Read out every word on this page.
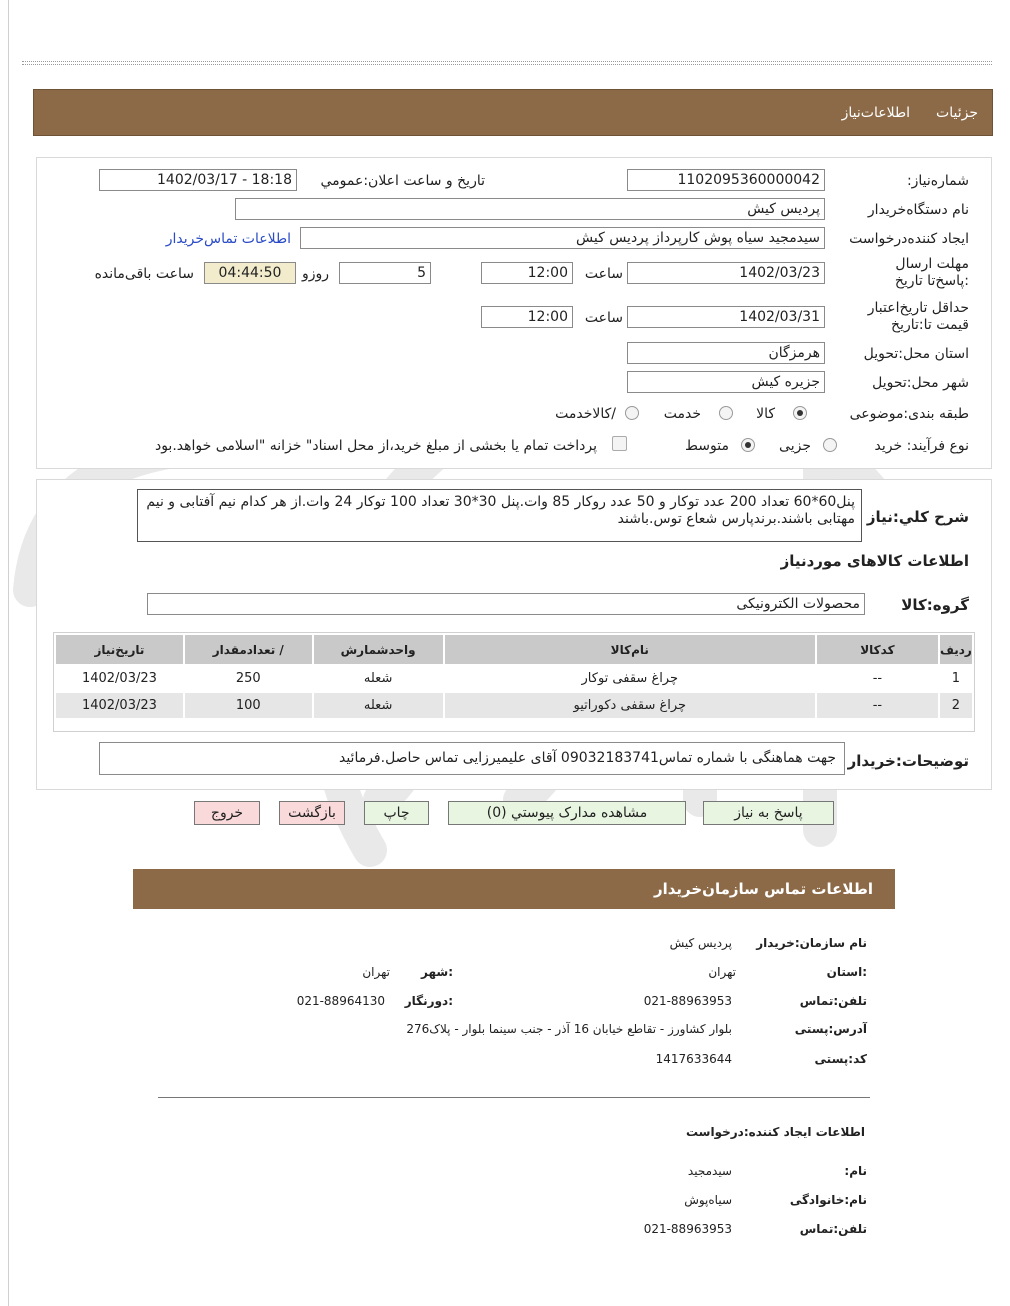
جزئیات
اطلاعات‌نیاز
شماره‌نیاز:
1102095360000042
تاریخ و ساعت اعلان:عمومي
1402/03/17 - 18:18
نام دستگاه‌خریدار
پردیس کیش
ایجاد کننده‌درخواست
سیدمجید سیاه پوش کارپرداز پردیس کیش
اطلاعات تماس‌خریدار
مهلت ارسال :پاسخ‌تا تاریخ
1402/03/23
ساعت
12:00
5
روزو
04:44:50
ساعت باقی‌مانده
حداقل تاریخ‌اعتبار قیمت تا:تاریخ
1402/03/31
ساعت
12:00
استان محل:تحویل
هرمزگان
شهر محل:تحویل
جزیره کیش
طبقه بندی:موضوعی
کالا
خدمت
/کالاخدمت
نوع فرآیند: خرید
جزیی
متوسط
پرداخت تمام یا بخشی از مبلغ خرید،از محل اسناد" خزانه "اسلامی خواهد.بود
شرح کلي:نياز
پنل60*60 تعداد 200 عدد توکار و 50 عدد روکار 85 وات.پنل 30*30 تعداد 100 توکار 24 وات.از هر کدام نیم آفتابی و نیم مهتابی باشند.برندپارس شعاع توس.باشند
اطلاعات کالاهای موردنیاز
گروه:کالا
محصولات الکترونیکی
ردیف	کدکالا	نام‌کالا	واحدشمارش	/ تعدادمقدار	تاریخ‌نیاز
1	--	چراغ سقفی توکار	شعله	250	1402/03/23
2	--	چراغ سقفی دکوراتیو	شعله	100	1402/03/23
توضیحات:خریدار
جهت هماهنگی با شماره تماس09032183741 آقای علیمیرزایی تماس حاصل.فرمائید
پاسخ به نیاز
مشاهده مدارک پیوستي (0)
چاپ
بازگشت
خروج
اطلاعات تماس سازمان‌خریدار
نام سازمان:خریدار
پردیس کیش
:استان
تهران
:شهر
تهران
تلفن:تماس
021-88963953
:دورنگار
021-88964130
آدرس:پستی
بلوار کشاورز - تقاطع خیابان 16 آذر - جنب سینما بلوار - پلاک276
کد:پستی
1417633644
اطلاعات ایجاد کننده:درخواست
نام:
سیدمجید
نام:خانوادگی
سیاه‌پوش
تلفن:تماس
021-88963953
